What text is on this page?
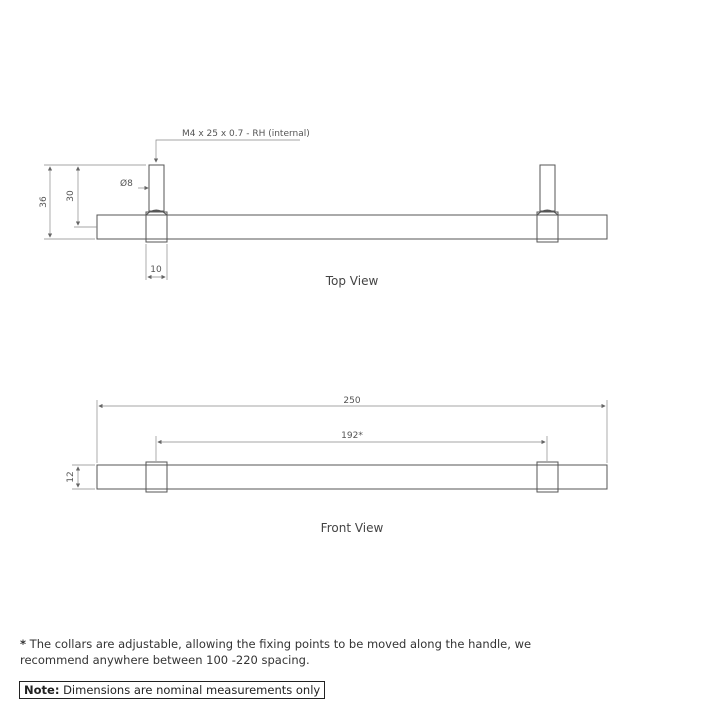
M4 x 25 x 0.7 - RH (internal)
36
30
Ø8
10
Top View
250
192*
12
Front View
* The collars are adjustable, allowing the fixing points to be moved along the handle, we recommend anywhere between 100 -220 spacing.
Note: Dimensions are nominal measurements only
